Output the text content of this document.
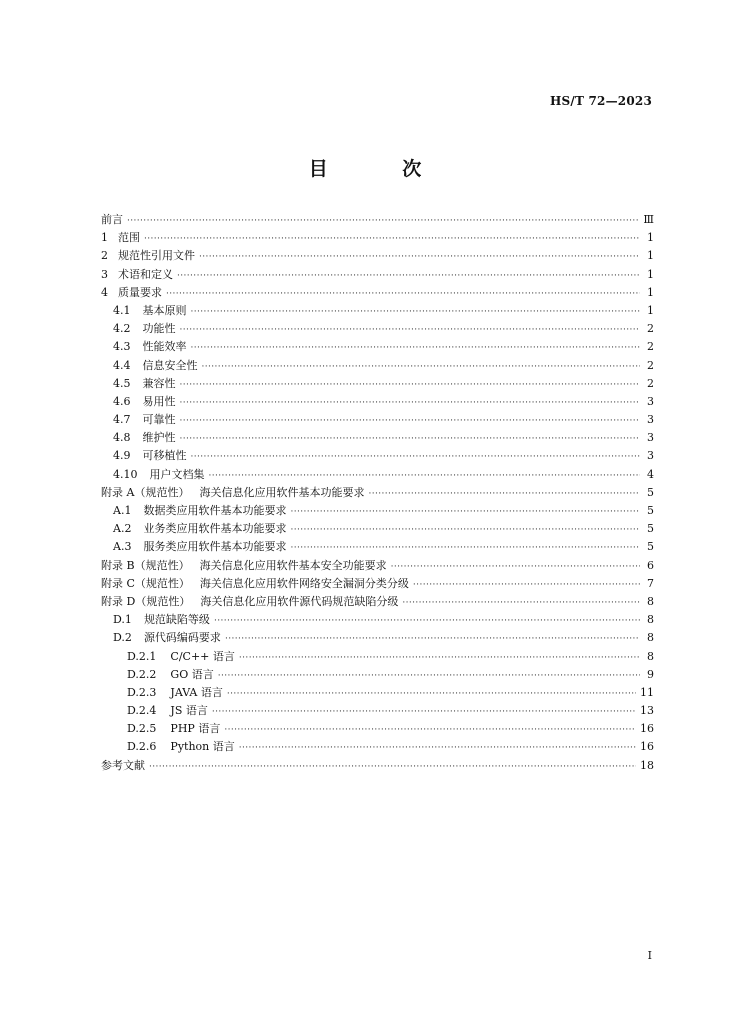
HS/T 72—2023
目 次
前言 ·····	Ⅲ
1 范围 ·····	1
2 规范性引用文件 ·····	1
3 术语和定义 ·····	1
4 质量要求 ·····	1
4.1 基本原则 ·····	1
4.2 功能性 ·····	2
4.3 性能效率 ·····	2
4.4 信息安全性 ·····	2
4.5 兼容性 ·····	2
4.6 易用性 ·····	3
4.7 可靠性 ·····	3
4.8 维护性 ·····	3
4.9 可移植性 ·····	3
4.10 用户文档集 ·····	4
附录 A（规范性） 海关信息化应用软件基本功能要求 ·····	5
A.1 数据类应用软件基本功能要求 ·····	5
A.2 业务类应用软件基本功能要求 ·····	5
A.3 服务类应用软件基本功能要求 ·····	5
附录 B（规范性） 海关信息化应用软件基本安全功能要求 ·····	6
附录 C（规范性） 海关信息化应用软件网络安全漏洞分类分级 ·····	7
附录 D（规范性） 海关信息化应用软件源代码规范缺陷分级 ·····	8
D.1 规范缺陷等级 ·····	8
D.2 源代码编码要求 ·····	8
D.2.1 C/C++ 语言 ·····	8
D.2.2 GO 语言 ·····	9
D.2.3 JAVA 语言 ·····	11
D.2.4 JS 语言 ·····	13
D.2.5 PHP 语言 ·····	16
D.2.6 Python 语言 ·····	16
参考文献 ·····	18
I
